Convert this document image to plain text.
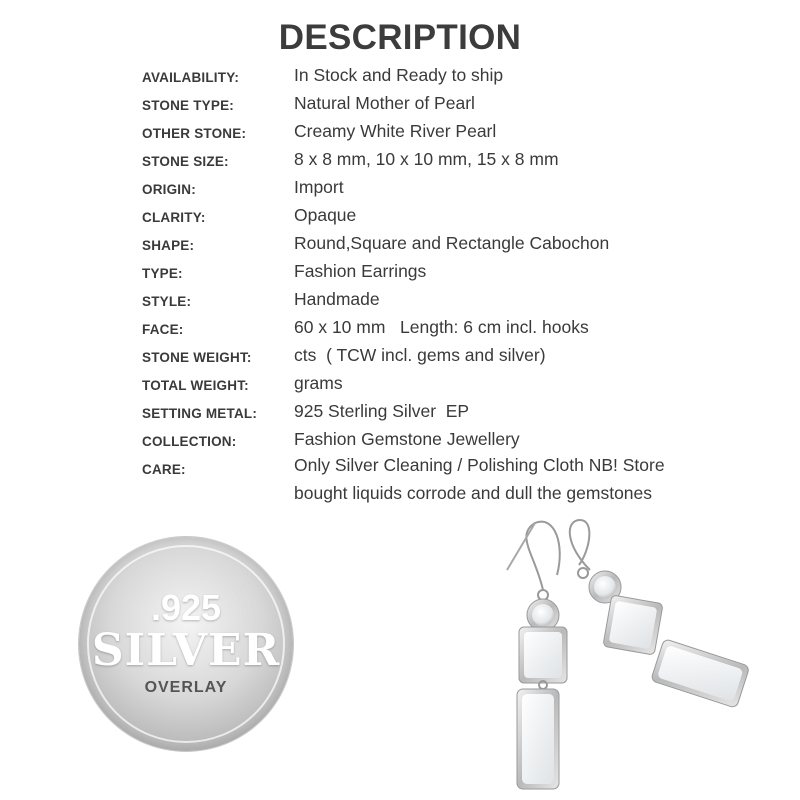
DESCRIPTION
AVAILABILITY:	In Stock and Ready to ship
STONE TYPE:	Natural Mother of Pearl
OTHER STONE:	Creamy White River Pearl
STONE SIZE:	8 x 8 mm, 10 x 10 mm, 15 x 8 mm
ORIGIN:	Import
CLARITY:	Opaque
SHAPE:	Round,Square and Rectangle Cabochon
TYPE:	Fashion Earrings
STYLE:	Handmade
FACE:	60 x 10 mm   Length: 6 cm incl. hooks
STONE WEIGHT: cts  ( TCW incl. gems and silver)
TOTAL WEIGHT:	grams
SETTING METAL: 925 Sterling Silver  EP
COLLECTION:	Fashion Gemstone Jewellery
CARE:	Only Silver Cleaning / Polishing Cloth NB! Store bought liquids corrode and dull the gemstones
.925
SILVER
OVERLAY
